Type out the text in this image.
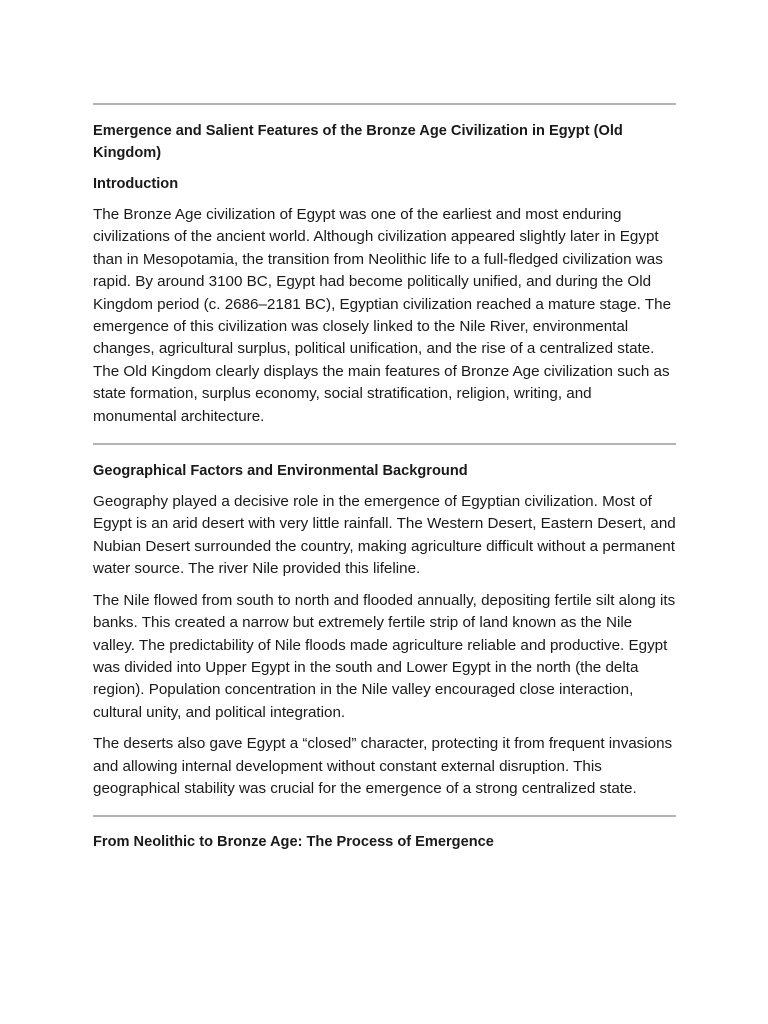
Emergence and Salient Features of the Bronze Age Civilization in Egypt (Old Kingdom)
Introduction

The Bronze Age civilization of Egypt was one of the earliest and most enduring civilizations of the ancient world. Although civilization appeared slightly later in Egypt than in Mesopotamia, the transition from Neolithic life to a full-fledged civilization was rapid. By around 3100 BC, Egypt had become politically unified, and during the Old Kingdom period (c. 2686–2181 BC), Egyptian civilization reached a mature stage. The emergence of this civilization was closely linked to the Nile River, environmental changes, agricultural surplus, political unification, and the rise of a centralized state. The Old Kingdom clearly displays the main features of Bronze Age civilization such as state formation, surplus economy, social stratification, religion, writing, and monumental architecture.

Geographical Factors and Environmental Background

Geography played a decisive role in the emergence of Egyptian civilization. Most of Egypt is an arid desert with very little rainfall. The Western Desert, Eastern Desert, and Nubian Desert surrounded the country, making agriculture difficult without a permanent water source. The river Nile provided this lifeline.

The Nile flowed from south to north and flooded annually, depositing fertile silt along its banks. This created a narrow but extremely fertile strip of land known as the Nile valley. The predictability of Nile floods made agriculture reliable and productive. Egypt was divided into Upper Egypt in the south and Lower Egypt in the north (the delta region). Population concentration in the Nile valley encouraged close interaction, cultural unity, and political integration.

The deserts also gave Egypt a “closed” character, protecting it from frequent invasions and allowing internal development without constant external disruption. This geographical stability was crucial for the emergence of a strong centralized state.

From Neolithic to Bronze Age: The Process of Emergence
